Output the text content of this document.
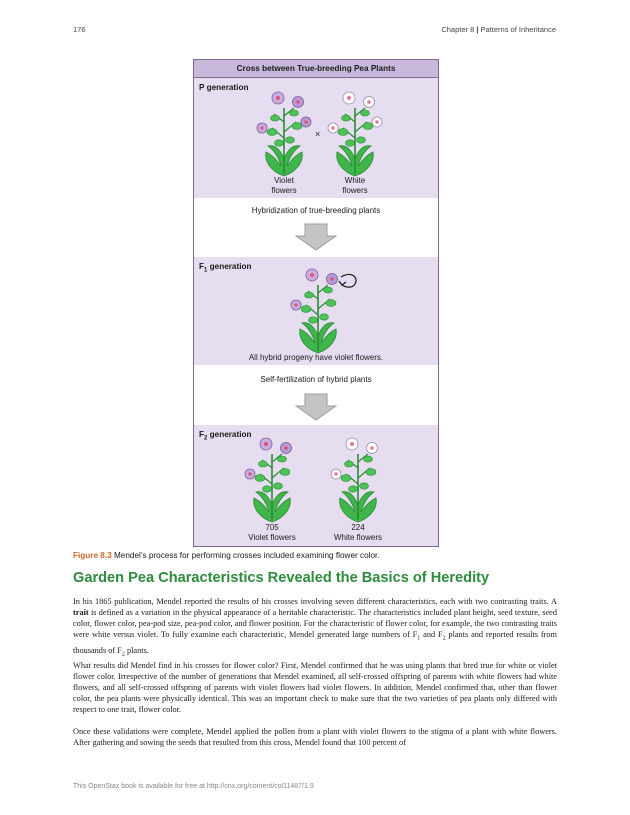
176	Chapter 8 | Patterns of Inheritance
Cross between True-breeding Pea Plants
P generation
×
Violet
flowers
White
flowers
Hybridization of true-breeding plants
$F_1$ generation
All hybrid progeny have violet flowers.
Self-fertilization of hybrid plants
$F_2$ generation
705
Violet flowers
224
White flowers
Figure 8.3 Mendel’s process for performing crosses included examining flower color.
Garden Pea Characteristics Revealed the Basics of Heredity

In his 1865 publication, Mendel reported the results of his crosses involving seven different characteristics, each with two contrasting traits. A trait is defined as a variation in the physical appearance of a heritable characteristic. The characteristics included plant height, seed texture, seed color, flower color, pea-pod size, pea-pod color, and flower position. For the characteristic of flower color, for example, the two contrasting traits were white versus violet. To fully examine each characteristic, Mendel generated large numbers of $F_1$ and $F_2$ plants and reported results from thousands of $F_2$ plants.

What results did Mendel find in his crosses for flower color? First, Mendel confirmed that he was using plants that bred true for white or violet flower color. Irrespective of the number of generations that Mendel examined, all self-crossed offspring of parents with white flowers had white flowers, and all self-crossed offspring of parents with violet flowers had violet flowers. In addition, Mendel confirmed that, other than flower color, the pea plants were physically identical. This was an important check to make sure that the two varieties of pea plants only differed with respect to one trait, flower color.

Once these validations were complete, Mendel applied the pollen from a plant with violet flowers to the stigma of a plant with white flowers. After gathering and sowing the seeds that resulted from this cross, Mendel found that 100 percent of

This OpenStax book is available for free at http://cnx.org/content/col11487/1.9
